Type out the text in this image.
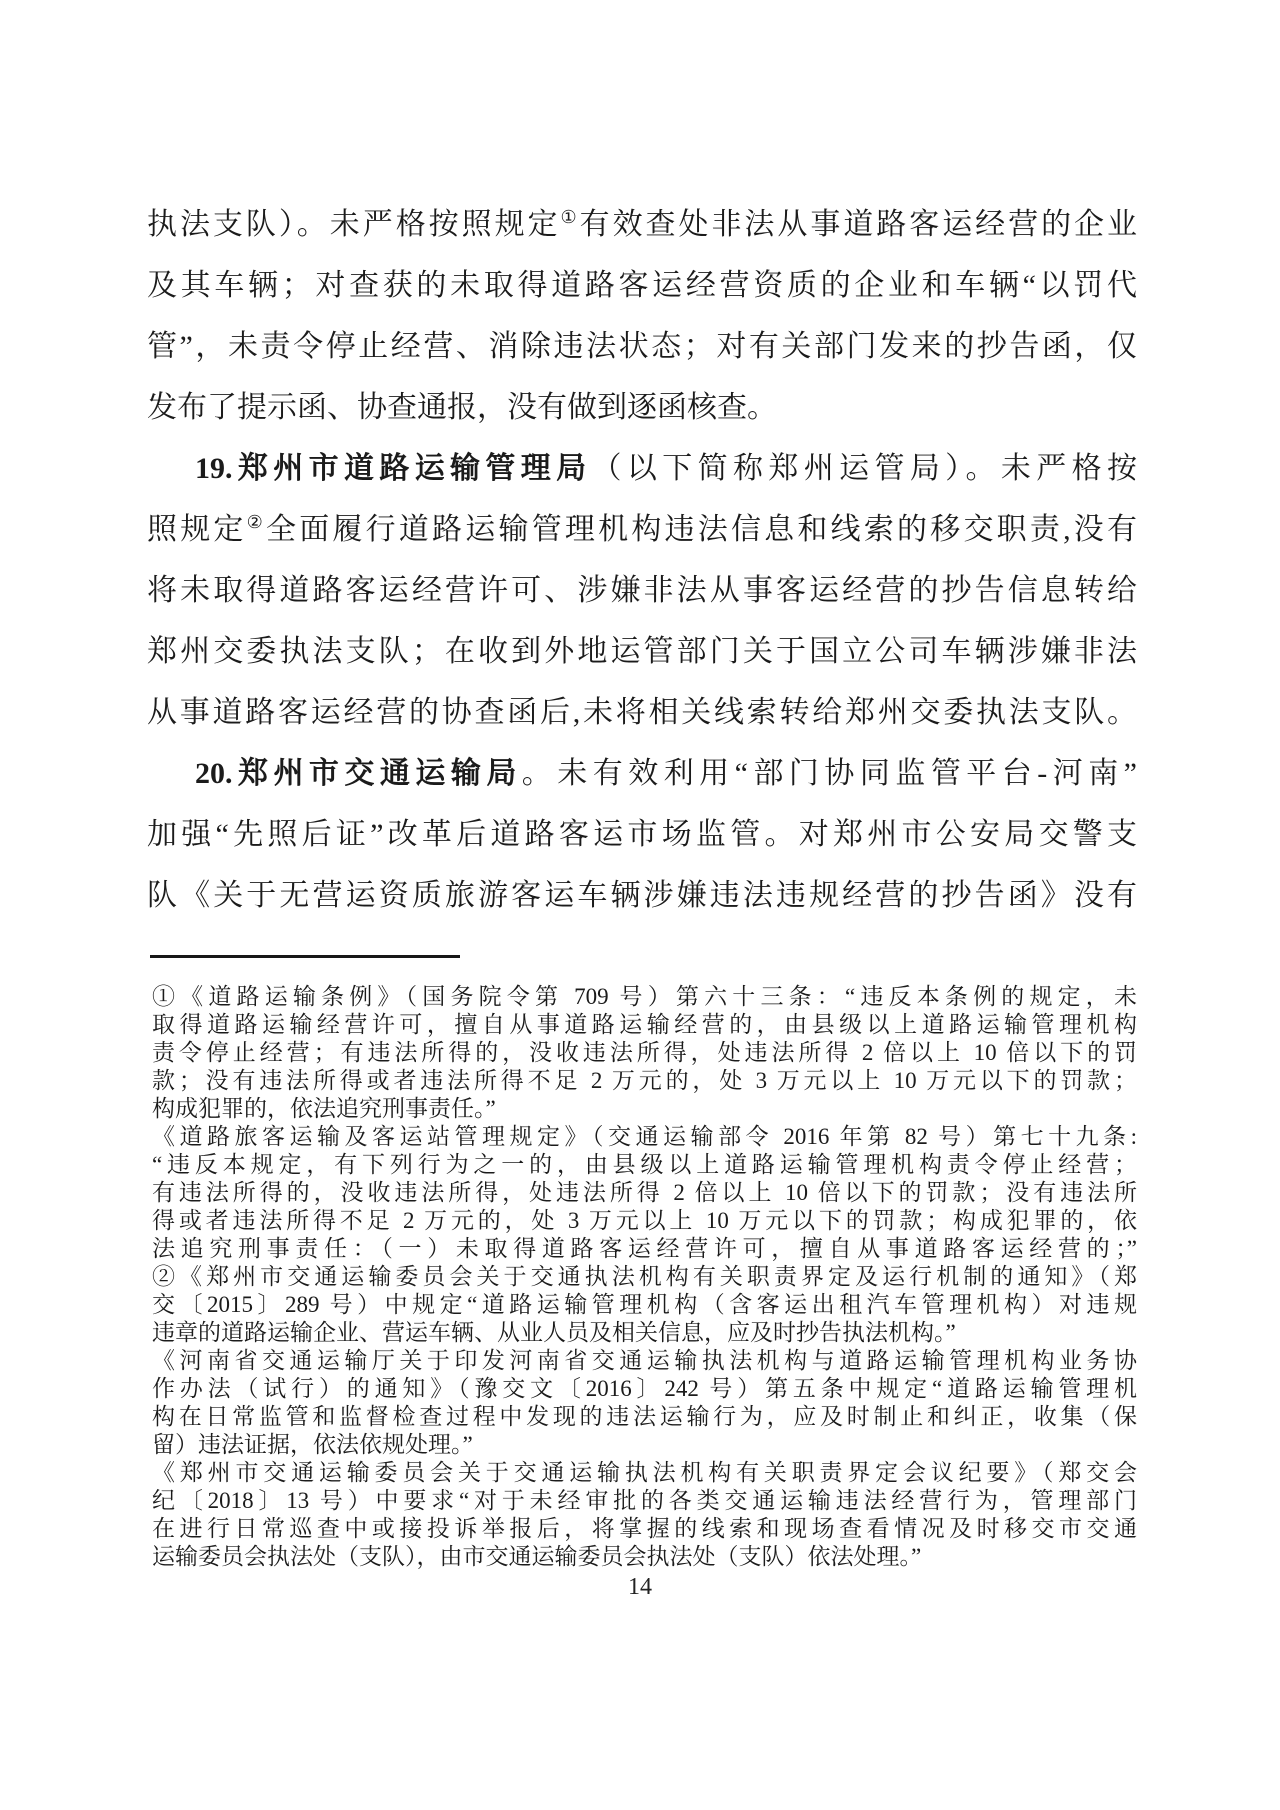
执法支队）。未严格按照规定①有效查处非法从事道路客运经营的企业
及其车辆；对查获的未取得道路客运经营资质的企业和车辆“以罚代
管”，未责令停止经营、消除违法状态；对有关部门发来的抄告函，仅
发布了提示函、协查通报，没有做到逐函核查。
19.郑州市道路运输管理局（以下简称郑州运管局）。未严格按
照规定②全面履行道路运输管理机构违法信息和线索的移交职责,没有
将未取得道路客运经营许可、涉嫌非法从事客运经营的抄告信息转给
郑州交委执法支队；在收到外地运管部门关于国立公司车辆涉嫌非法
从事道路客运经营的协查函后,未将相关线索转给郑州交委执法支队。
20.郑州市交通运输局。未有效利用“部门协同监管平台-河南”
加强“先照后证”改革后道路客运市场监管。对郑州市公安局交警支
队《关于无营运资质旅游客运车辆涉嫌违法违规经营的抄告函》没有
①《道路运输条例》（国务院令第 709 号）第六十三条：“违反本条例的规定，未
取得道路运输经营许可，擅自从事道路运输经营的，由县级以上道路运输管理机构
责令停止经营；有违法所得的，没收违法所得，处违法所得 2 倍以上 10 倍以下的罚
款；没有违法所得或者违法所得不足 2 万元的，处 3 万元以上 10 万元以下的罚款；
构成犯罪的，依法追究刑事责任。”
《道路旅客运输及客运站管理规定》（交通运输部令 2016 年第 82 号）第七十九条:
“违反本规定，有下列行为之一的，由县级以上道路运输管理机构责令停止经营；
有违法所得的，没收违法所得，处违法所得 2 倍以上 10 倍以下的罚款；没有违法所
得或者违法所得不足 2 万元的，处 3 万元以上 10 万元以下的罚款；构成犯罪的，依
法追究刑事责任：（一）未取得道路客运经营许可，擅自从事道路客运经营的；”
②《郑州市交通运输委员会关于交通执法机构有关职责界定及运行机制的通知》（郑
交〔2015〕289 号）中规定“道路运输管理机构（含客运出租汽车管理机构）对违规
违章的道路运输企业、营运车辆、从业人员及相关信息，应及时抄告执法机构。”
《河南省交通运输厅关于印发河南省交通运输执法机构与道路运输管理机构业务协
作办法（试行）的通知》（豫交文〔2016〕242 号）第五条中规定“道路运输管理机
构在日常监管和监督检查过程中发现的违法运输行为，应及时制止和纠正，收集（保
留）违法证据，依法依规处理。”
《郑州市交通运输委员会关于交通运输执法机构有关职责界定会议纪要》（郑交会
纪〔2018〕13 号）中要求“对于未经审批的各类交通运输违法经营行为，管理部门
在进行日常巡查中或接投诉举报后，将掌握的线索和现场查看情况及时移交市交通
运输委员会执法处（支队），由市交通运输委员会执法处（支队）依法处理。”
14
